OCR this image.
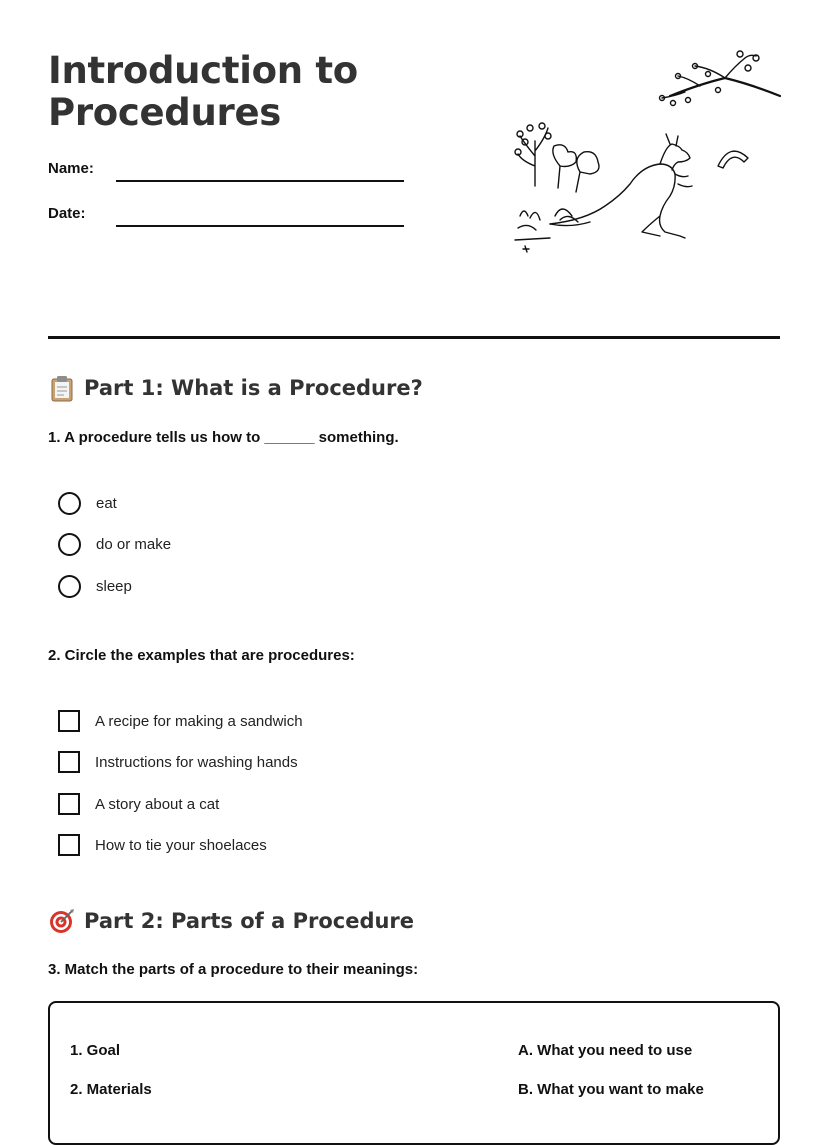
Introduction to
Procedures
Name:
Date:
Part 1: What is a Procedure?
1. A procedure tells us how to ______ something.
eat
do or make
sleep
2. Circle the examples that are procedures:
A recipe for making a sandwich
Instructions for washing hands
A story about a cat
How to tie your shoelaces
Part 2: Parts of a Procedure
3. Match the parts of a procedure to their meanings:
1. Goal
2. Materials
A. What you need to use
B. What you want to make
